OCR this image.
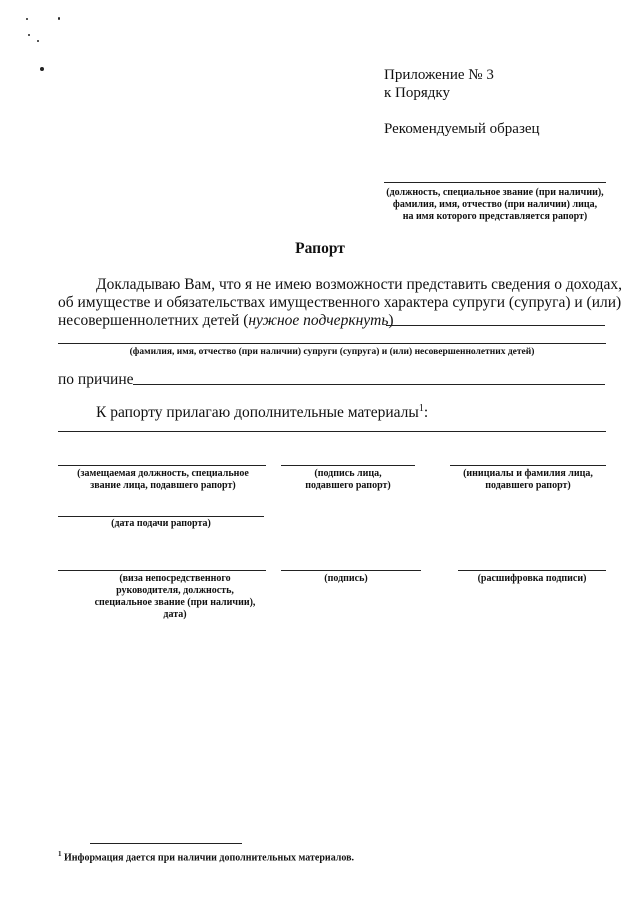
Приложение № 3
к Порядку
Рекомендуемый образец
(должность, специальное звание (при наличии),
фамилия, имя, отчество (при наличии) лица,
на имя которого представляется рапорт)
Рапорт
Докладываю Вам, что я не имею возможности представить сведения о доходах,
об имуществе и обязательствах имущественного характера супруги (супруга) и (или)
несовершеннолетних детей (нужное подчеркнуть)
(фамилия, имя, отчество (при наличии) супруги (супруга) и (или) несовершеннолетних детей)
по причине
К рапорту прилагаю дополнительные материалы$^1$:
(замещаемая должность, специальное звание лица, подавшего рапорт)
(подпись лица, подавшего рапорт)
(инициалы и фамилия лица, подавшего рапорт)
(дата подачи рапорта)
(виза непосредственного руководителя, должность, специальное звание (при наличии), дата)
(подпись)	(расшифровка подписи)
$^1$ Информация дается при наличии дополнительных материалов.
